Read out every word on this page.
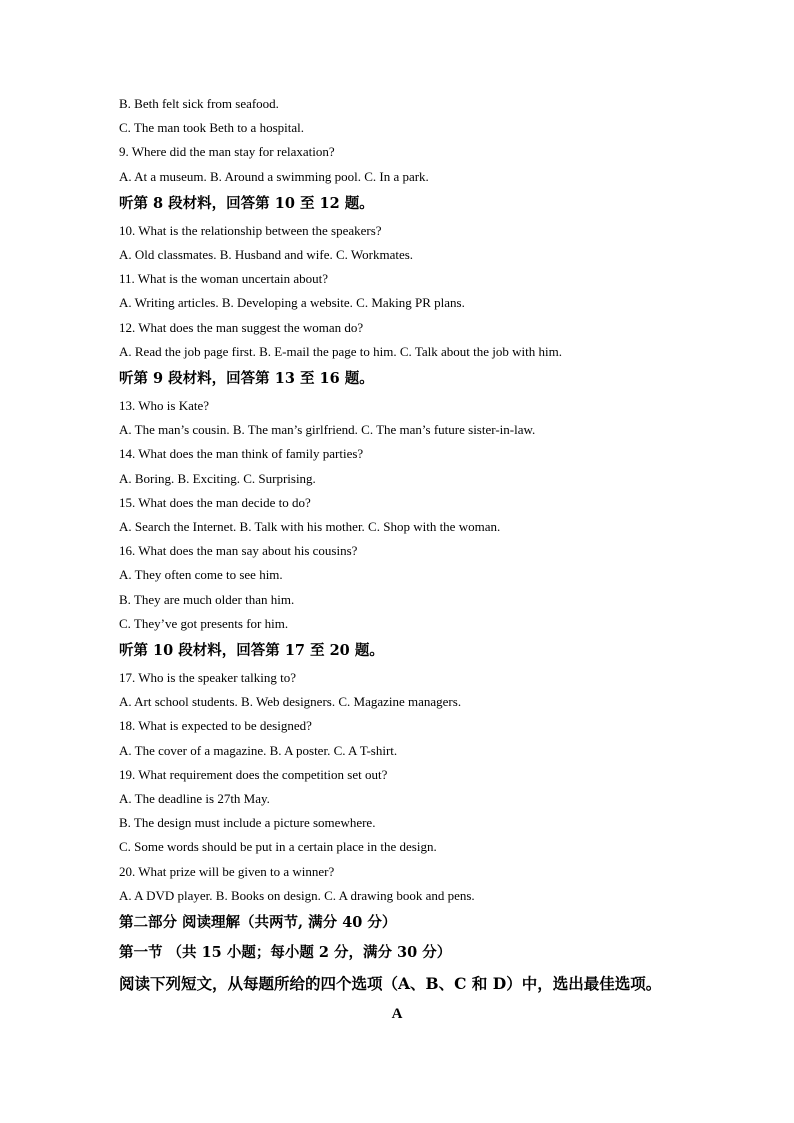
B. Beth felt sick from seafood.
C. The man took Beth to a hospital.
9. Where did the man stay for relaxation?
A. At a museum. B. Around a swimming pool. C. In a park.
听第 8 段材料，回答第 10 至 12 题。
10. What is the relationship between the speakers?
A. Old classmates. B. Husband and wife. C. Workmates.
11. What is the woman uncertain about?
A. Writing articles. B. Developing a website. C. Making PR plans.
12. What does the man suggest the woman do?
A. Read the job page first. B. E-mail the page to him. C. Talk about the job with him.
听第 9 段材料，回答第 13 至 16 题。
13. Who is Kate?
A. The man’s cousin. B. The man’s girlfriend. C. The man’s future sister-in-law.
14. What does the man think of family parties?
A. Boring. B. Exciting. C. Surprising.
15. What does the man decide to do?
A. Search the Internet. B. Talk with his mother. C. Shop with the woman.
16. What does the man say about his cousins?
A. They often come to see him.
B. They are much older than him.
C. They’ve got presents for him.
听第 10 段材料，回答第 17 至 20 题。
17. Who is the speaker talking to?
A. Art school students. B. Web designers. C. Magazine managers.
18. What is expected to be designed?
A. The cover of a magazine. B. A poster. C. A T-shirt.
19. What requirement does the competition set out?
A. The deadline is 27th May.
B. The design must include a picture somewhere.
C. Some words should be put in a certain place in the design.
20. What prize will be given to a winner?
A. A DVD player. B. Books on design. C. A drawing book and pens.
第二部分 阅读理解（共两节, 满分 40 分）
第一节 （共 15 小题；每小题 2 分，满分 30 分）
阅读下列短文，从每题所给的四个选项（A、B、C 和 D）中，选出最佳选项。
A
